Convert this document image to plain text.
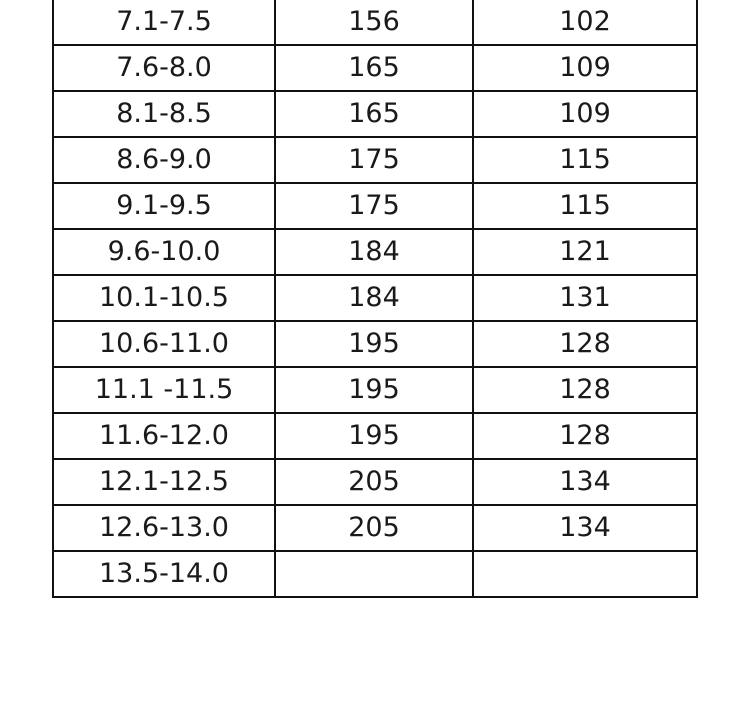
7.1-7.5	156	102
7.6-8.0	165	109
8.1-8.5	165	109
8.6-9.0	175	115
9.1-9.5	175	115
9.6-10.0	184	121
10.1-10.5	184	131
10.6-11.0	195	128
11.1 -11.5	195	128
11.6-12.0	195	128
12.1-12.5	205	134
12.6-13.0	205	134
13.5-14.0		
